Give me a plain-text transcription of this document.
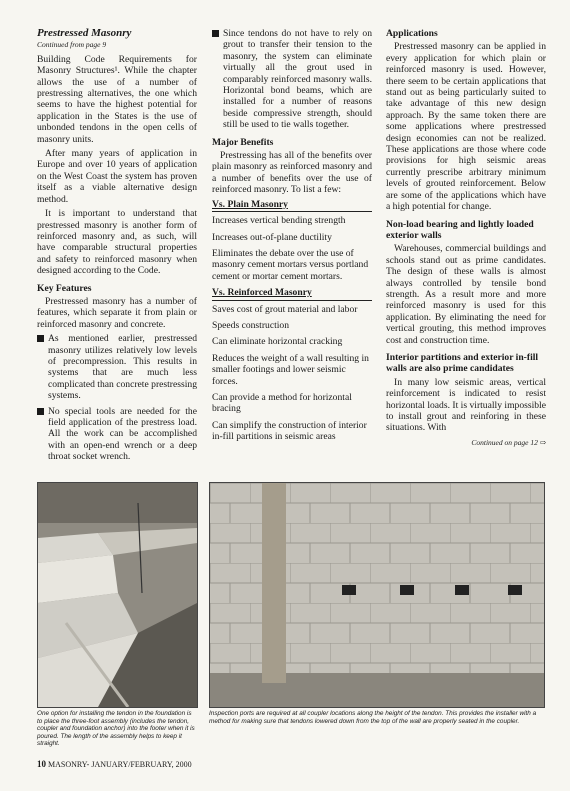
Prestressed Masonry
Continued from page 9

Building Code Requirements for Masonry Structures¹. While the chapter allows the use of a number of prestressing alternatives, the one which seems to have the highest potential for application in the States is the use of unbonded tendons in the open cells of masonry units.

After many years of application in Europe and over 10 years of application on the West Coast the system has proven itself as a viable alternative design method.

It is important to understand that prestressed masonry is another form of reinforced masonry and, as such, will have comparable structural properties and safety to reinforced masonry when designed according to the Code.

Key Features

Prestressed masonry has a number of features, which separate it from plain or reinforced masonry and concrete.

As mentioned earlier, prestressed masonry utilizes relatively low levels of precompression. This results in systems that are much less complicated than concrete prestressing systems.
No special tools are needed for the field application of the prestress load. All the work can be accomplished with an open-end wrench or a deep throat socket wrench.
Since tendons do not have to rely on grout to transfer their tension to the masonry, the system can eliminate virtually all the grout used in comparably reinforced masonry walls. Horizontal bond beams, which are installed for a number of reasons beside compressive strength, should still be used to tie walls together.
Major Benefits

Prestressing has all of the benefits over plain masonry as reinforced masonry and a number of benefits over the use of reinforced masonry. To list a few:

Vs. Plain Masonry
Increases vertical bending strength
Increases out-of-plane ductility
Eliminates the debate over the use of masonry cement mortars versus portland cement or mortar cement mortars.
Vs. Reinforced Masonry
Saves cost of grout material and labor
Speeds construction
Can eliminate horizontal cracking
Reduces the weight of a wall resulting in smaller footings and lower seismic forces.
Can provide a method for horizontal bracing
Can simplify the construction of interior in-fill partitions in seismic areas
Applications

Prestressed masonry can be applied in every application for which plain or reinforced masonry is used. However, there seem to be certain applications that stand out as being particularly suited to take advantage of this new design approach. By the same token there are some applications where prestressed design economies can not be realized. These applications are those where code provisions for high seismic areas currently prescribe arbitrary minimum levels of grouted reinforcement. Below are some of the applications which have a high potential for change.

Non-load bearing and lightly loaded exterior walls

Warehouses, commercial buildings and schools stand out as prime candidates. The design of these walls is almost always controlled by tensile bond strength. As a result more and more reinforced masonry is used for this application. By eliminating the need for vertical grouting, this method improves cost and construction time.

Interior partitions and exterior in-fill walls are also prime candidates

In many low seismic areas, vertical reinforcement is indicated to resist horizontal loads. It is virtually impossible to install grout and reinforing in these situations. With

Continued on page 12 ⇨
One option for installing the tendon in the foundation is to place the three-foot assembly (includes the tendon, coupler and foundation anchor) into the footer when it is poured. The length of the assembly helps to keep it straight.
Inspection ports are required at all coupler locations along the height of the tendon. This provides the installer with a method for making sure that tendons lowered down from the top of the wall are properly seated in the coupler.
10 MASONRY- JANUARY/FEBRUARY, 2000
